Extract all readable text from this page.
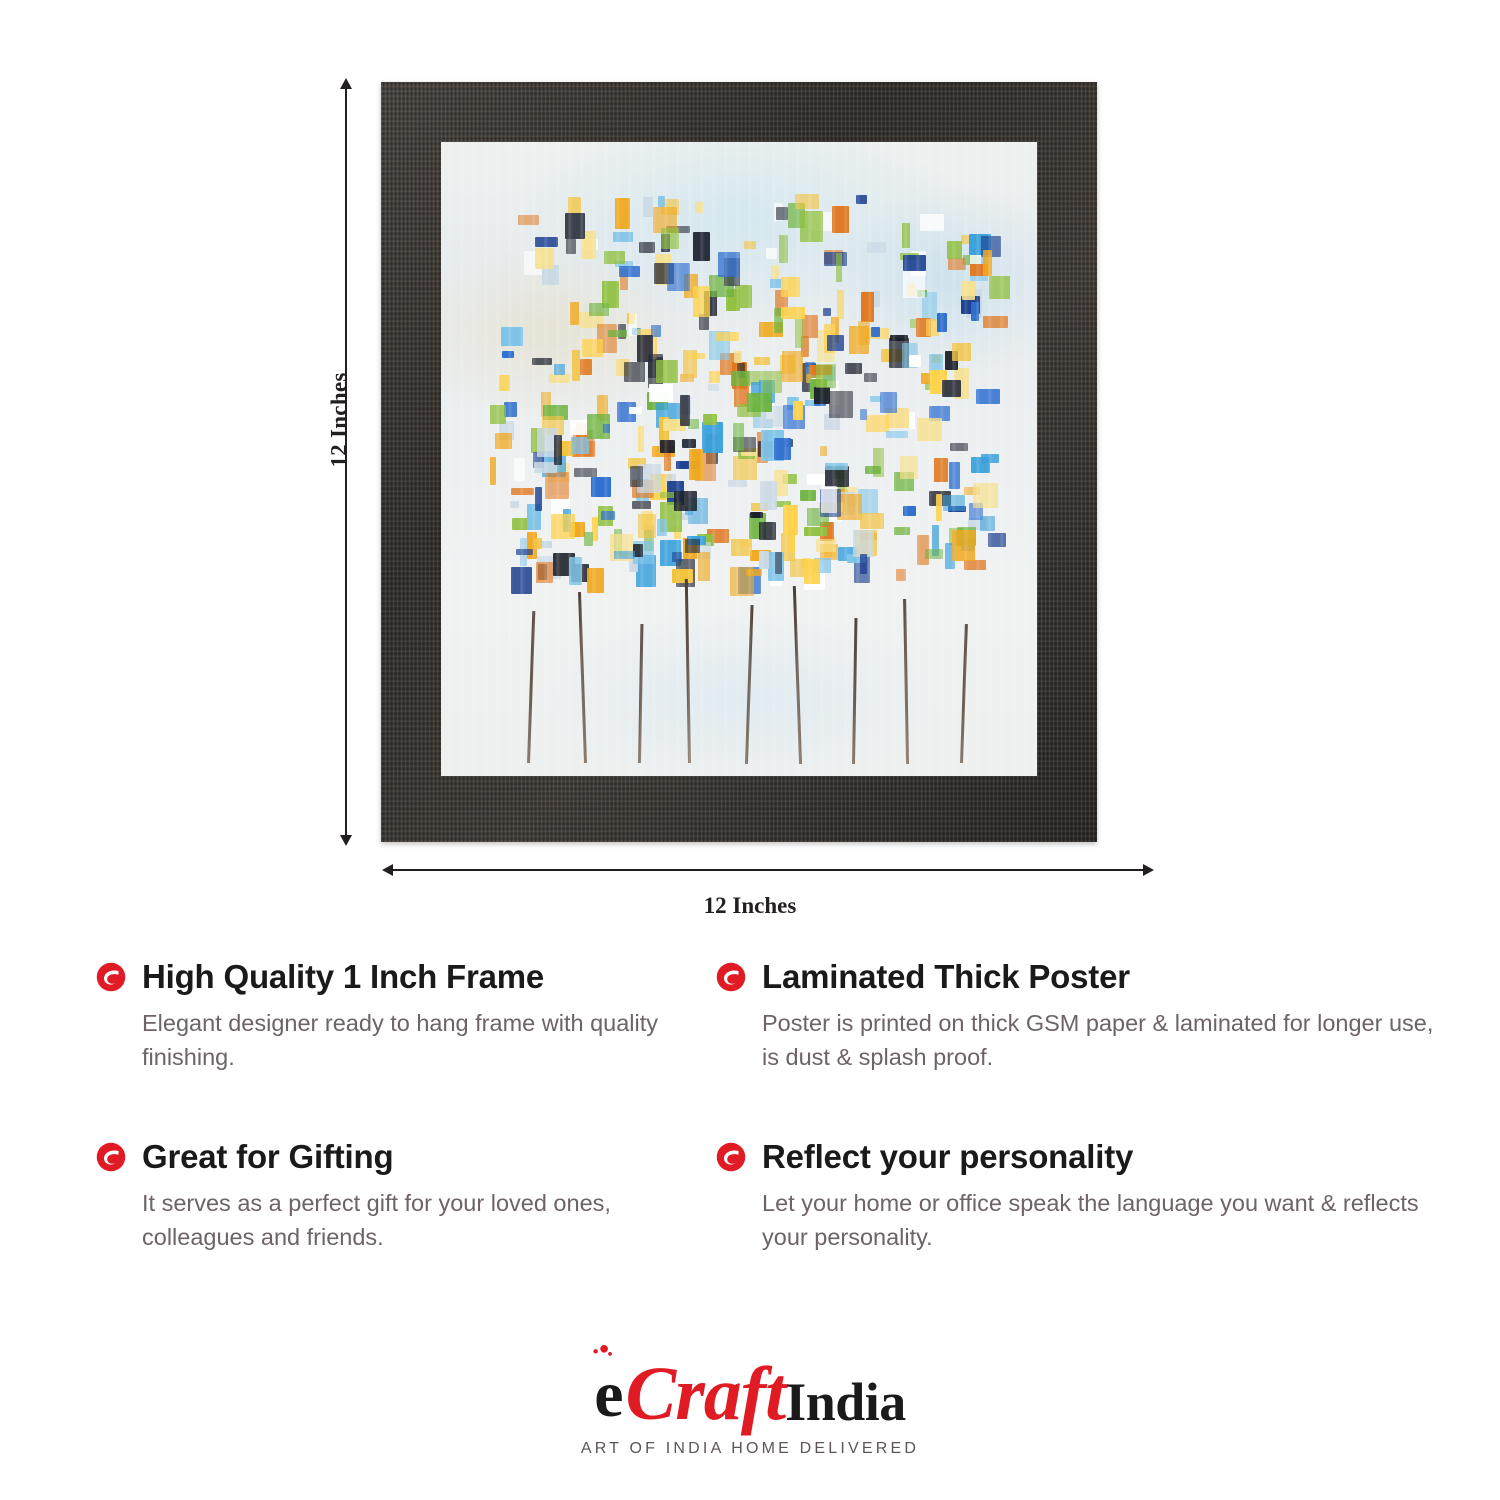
12 Inches
12 Inches
High Quality 1 Inch Frame

Elegant designer ready to hang frame with quality finishing.

Laminated Thick Poster

Poster is printed on thick GSM paper & laminated for longer use, is dust & splash proof.

Great for Gifting

It serves as a perfect gift for your loved ones, colleagues and friends.

Reflect your personality

Let your home or office speak the language you want & reflects your personality.

e Craft India
ART OF INDIA HOME DELIVERED
